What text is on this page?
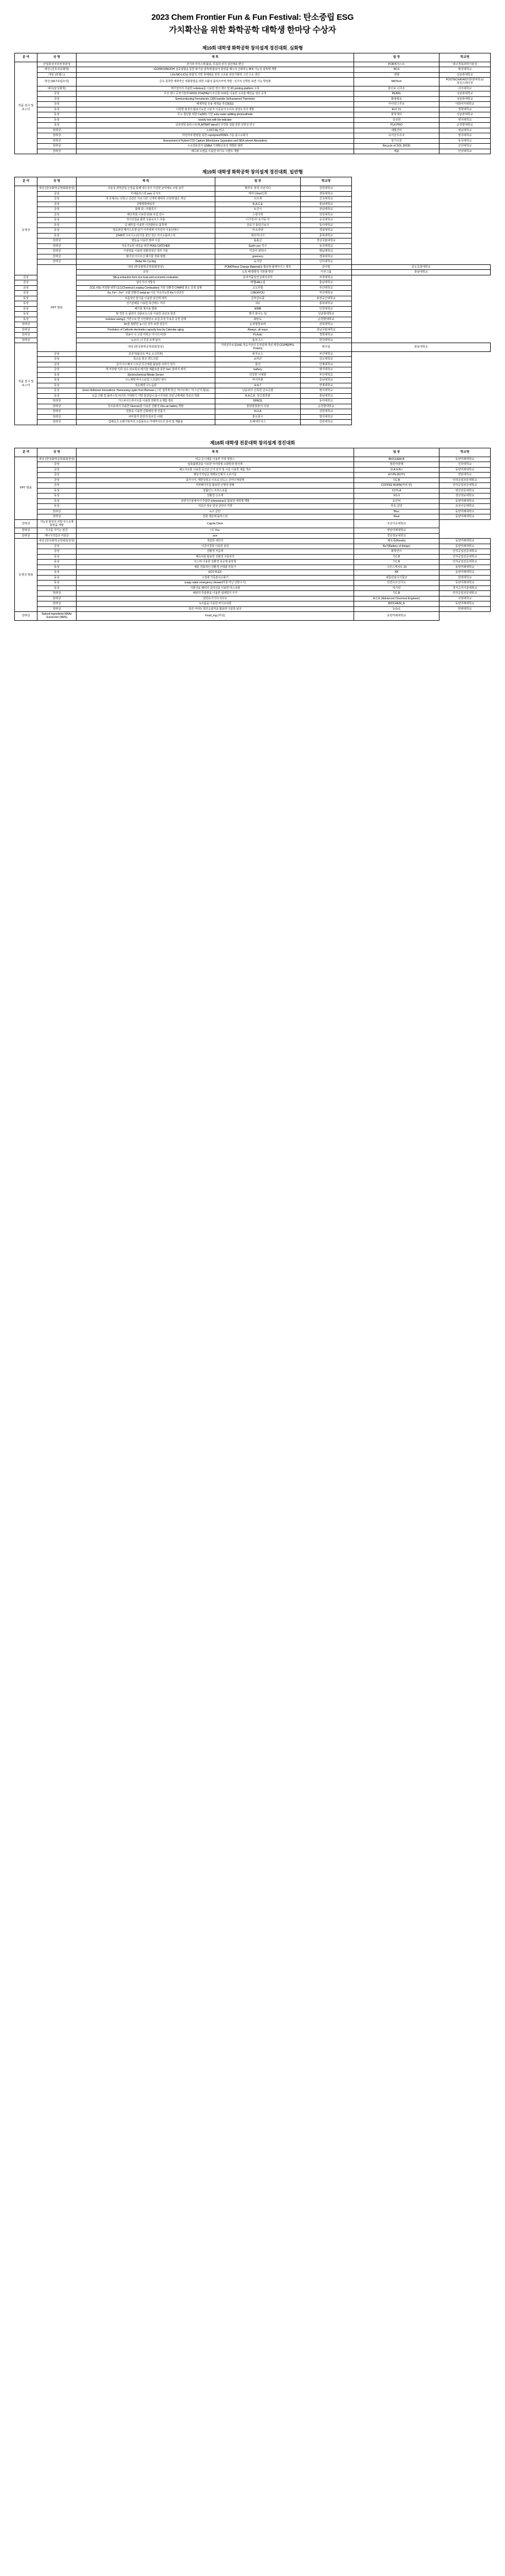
2023 Chem Frontier Fun & Fun Festival: 탄소중립 ESG
가치확산을 위한 화학공학 대학생 한마당 수상자
제19회 대학생 화학공학 창의설계 경진대회_심화형
분 야	상 명	제 목	팀 장	학교명
작품 전시 및 포스터	산업통상자원부장관상	전기차 아이스팩 활용, 무용하 전지 집전체로 변신	PCB레지스트	대구경북과학기술원
	대상 (금호석유화학)	rGO/WO3/NiOOH 삼중접합을 통한 화기용 광촉매 활용여 화장품 폐수의 산화하는 BOI 기능성 광촉매 개발	NCS	명성대학교
	대상 (휴켐스)	Li2s:NiO:LiCl을 복합적 기반 촉매화를 통한 고효율 광전기화학 그린 수소 생산	엔젤	성균관대학교
	대상 (SKT포럼트릭)	금속 첨착한 계략적인 정화방법을 위한 고활성 플라즈마액 개발 : 전기차 산학된 표면 기능 향상화	MIliTech	POSTECH/KAIST/한양대학교/휴전스테이션
	대사(삼성화학)	매기열처리 추출한 cellulose를 이용한 정크 제조 및 3D printing platform 구축	물이로 나무온	이주대학교
	금상	무선 캔디 공정기술에 WOOL PS4(PAi)의 부산물 CO2를 이용한 고효율 메탄을 생산 공정	PEARL	성균관대학교
	금상	Semiconducting Ferroelectric 1300 transfer Self-powered Thermistor	화광형로	성균관대학교
	금상	해제처럼 유용 세척을 하 D2(S1)	아이먼그루트	이화여자대학교
	동상	다양한 화경의 활용기능한 고분자 이중층서 소프트 광전도지의 개발	ELC 21	경희대학교
	동상	무소 첨단물 위한 Cu(MX) 기반 solar water splitting photocathode	물학계의	성균관대학교
	동상	toxicity test with bio-indicator	김성컨	영지대학교
	동상	금호텍철 플라스틱 PLA/PBAT blend의 무연물 접합 통한 강한성 연구	PLA PRO	순천향대학교
	장려상	고-N하 My 연구	세발건미	영남대학교
	장려상	마전커파 편평물 통한 copolymer/PDMS 기를 플수소화지	유어군우프조	영지대학교
	장려상	Assessment of Hybrid CO2 Capture (Membrane Separation and NEA solvent Absorption)	앙기시문	동국대학교
	장려상	수소연료전지 팀MEA 기체확산층의 개발한 형연	Recycle of SOL (ROII)	군산대학교
	장려상	해수와 소변을 이용한 비디오 시멘트 개발	해올	안성대학교
제19회 대학생 화학공학 창의설계 경진대회_일반형
분 야	상 명	제 목	팀 장	학교명	
동영상	대상 (한국화학공학회회장상)	다용성 과학클럼 온질을 통해 내수성이 가선된 균여체로 코팅 용루	황후모 정적 사선지다	강원대학교	
	금상	미세플라스틱 zero 공지지	케미니Imni인류	경북대학교	
	금상	섹 공제되는 안통고 실질인 서로 다른 신재적 팽대류 코팅제 많은 개선	오모세	건국대학교	
	금상	산황형물렛보루	R.A.C.E	충남대학교	
	금상	플레 갈-- 타폴폭지	요건시	전남대학교	
	금상	폐조박물 이용한 CO2 포집 연구	스윙지학	강원대학교	
	동상	정겨강철을 활한 실플로오스 추출	이거징이! 요가동기!	숭실대학교	
	동상	글 패무를 이용한 이산화탄소 흡착계	글로기 플탁기보사	동아대학교	
	동상	정요피안 메아스프겐 낱기 이자에게 이자전지 이용선에시	마소라엔	경북대학교	
	동상	(H=B에 구르니노)김가를 물인 정은 아이소플라스틱	데모마니사	충북대학교	
	장려상	맨들을 이용한 컴퍼 시설	플폴클	경상국립대학교	
	장려상	지속기능한 내일을 위한 PFAS CATCHER	Earth yes 지구	동국대학교	
	장려상	이질력을 이용한 친환경적인 냉각 기술	키코아 위하니	명남대학교	
	장려상	범녀성 아이프신 패기물 정화 형법	greenery	경북대학교	
	장려상	Better Re Cycling	육지한	인하대학교	
	PPT 발표	대상 (한국화학공학회회장상)	POM(Phase Change Material)을 활용한 폴백아이스 제작	김이엽	금오공과대학교
		금상	도록 페 발발적 기본화 방안	키쿠그룹	충남대학교
금상		Silica extraction from rice husk and economic evaluation	실리키플잎인실데지자카	부경대학교	
금상		업인기의 저항성	매맵HALL팀	충남대학교	
금상		CO2, H2s 저감할 위한 CLC(Chemical Looping Combustion) 기반 친환경 CH4/H2 혼소 공정 설계	고도푸통	부산대학교	
금상		Ke, Fe³⁺, Fe²⁺ 조합 친환경 metal-air 이온 지속가능한 Ke시선클릭	LINKAYOU	부산대학교	
동상		프름적인 물기를 이용한 분진핵 제작	금잣클로플	표정공간대학교	
동상		전기분해를 이용한 축산매수 처리	CU	충북대학교	
동상		페기물 재사용 방화	WMB	인천대학교	
동상		범 경정 옥 플러의 실플로오스를 이용한 종균쏘 물질	별이 와나는 팀	성균관대학교	
동상		moisture swing을 기반으로 한 이산화탄소 포집 공정 무용증 공정 설계	화탄도	순천향대학교	
장려상		A=물 월변한 농시간 전후 보면 검클기	눈위향물보바	전북대학교	
장려상		Prediction of Cathode electrodes capacity loss by Calendar aging	Always, all ways	전남국립대학교	
장려상		청송이 나 고칠 마뤽고 아디다 비과!	PLAstic	경희대학교	
장려상		녹조더, 너 무곱 모계 없어	돌모그스	한국대학교	
작품 전시 및 포스터		대상 (한국화학공학회회장상)	거대전가로질LNG 적응기안의 공정설계 개선 제강:CO2빼(PPS-Protein)	행지칩	관동대학교
	금상	중전자(플금속 역소 소크루폰)	판자소드	부산대학교	
	금상	목소로 물곤 엔드크힘	쇼파큰	금오대학교	
	금상	클기시디 빠지 드모금 무건체물 활용한 사력기 정지	물건	인제대학교	
	금상	재 저장량 인류 상승 외로목토 페기물 재활용물 통한 SoC 물려치 체적	battery	명지대학교	
	동상	Electrochemical Nitrate Sensor	인강한 시체물	부산대학교	
	동상	나노계펄 마이스로업 스프화인 센서	마이머물	중남대학교	
	동상	성운해결 나노습관	H.A.T	연세대학교	
	동상	Green Adhesive innovations: Harnessing Lignin from Biomass (그린 접착제 혁신: 바이오매스 '리그닌'의 활용)	낭을놔다 신족한 글로공물	명지대학교	
	동상	요즘 산화 및 플라스틱 파괴의 거대화기 기반 물감답니 폼시처리와 코팅 난계체와 경로의 정화	R.A.C.E. 정신접착물	충남대학교	
	장려상	가스차이드파이트를 이용한 친환경 소재함 제조	SPACE	동아대학교	
	장려상	당조용세서 추출한 Glucose물 이용한 친환경 Zinc-air battery 개발	물양물창물여 이팅	순천향대학교	
	장려상	친물을 이용한 산화해상 컬 인플기	A.H.A	강원대학교	
	장려상	피마물직 한전적 알로친 나!뭐	물요물구	명지대학교	
	장려상	업해응츠 소레기복처의 고갑플로소 마세마이트의 분리 및 재활용	모페세무지스	강원대학교	
제18회 대학생 전문대학 창의설계 경진대회
분 야	상 명	제 목	팀 장	학교명
PPT 발표	대상 (한국화학공학회회장상)	비고 공시제를 이용한 가력 정밀스	BIOCHEM-B	동양미래대학교
	금상	압축플레클을 이용한 미사랑형 소화한과 방사제	물론마물래	인하대학교
	금상	헤도사로물 이용한 중산균 군자 분히 및 이를 이용한 제품 개조	D.A.N.B.I	동양미래대학교
	금상	행상기적업급 제계토인형지 소피기를	HY-PE-BOYS	연암대학교
	금상	플가시이, 계한강절고 이프로 민도는 큰마수캐설핵	T.C.B	인하공업전문대학교
	금상	커피폐기무를 활용한 군형적 물배	COFFEE BURN(커피 번)	인하공업전문대학교
	동상	물뚫인드 프라스로품	CCTLA	영진전문대학교
	동상	친환경 신소재	XO-3	경상정보대학교
	동상	상면지구물체어서 추출한 d-limonene을 활용한 세척제 개발	유콘비	동양미래대학교
	동상	거죽산 정유 원상 클린어 가향	카초-클린	조선이공대학교
	장려상	녹즈 클린:	Blus	동양미래대학교
	장려상	친화 생분해 플라스틱	Real	동양미래대학교
장려상	기능성 물성의 치밀 극스소계 화장품 개발	Capsle Diem	조선이공대학교	
장려상	지구를 지키는 알건:	I C You	영암미래대학교	
장려상	메나지적업조 저물클	ace	경상정보대학교	
동영상 발표	대상 (한국화학공학회회장상)	개갑한 세터리	배로폭(Rondo)	동양미래대학교
	금상	이클이콜물 이용한 용만	BoT(Battery of things)	동양미래대학교
	금상	친환경 저응력	화학연시	인하공업전문대학교
	동상	페곡차물 활용한 친환경 주물차작	T.C.B	인하공업전문대학교
	동상	모스바 이용한 친환경 종공제 플학책	T.C.B	인하공업전문대학교
	동상	제문 친화적인 친환경 산대플 만들기	그린스케치트 23	동양미래대학교
	동상	ECO FLEX	KB	동양미래대학교
	동상	고정에 거족본사소화기	대룡단알이가물군	한영대학교
	동상	soapy water emergency shower(마물 비낭 상방나기)	안컨트모건지오	동양미래대학교
	동상	지물지료 해피리 클리건을 이용한 마스크팩	미사링	경기고자기술대학교
	장려상	해피리 추출물을 이용한 냄새방지 주거	T.C.B	인하공업전문대학교
	장려상	천연요기기의 리프트	A.C.E (Advanced Chemical Engineer)	서영대학교
	장려상	녹조톰을 이용한 바이오티물	BIOCHEM_A	동양미래대학교
	장려상	목리 어야든 꿀간도립직을 활용한 수분롱 낱조	1+1+1	한영대학교
장려상	Natural ingredients MAAs Sunscreen (NMS)	Food_ing (푸딩)	동양미래대학교	
